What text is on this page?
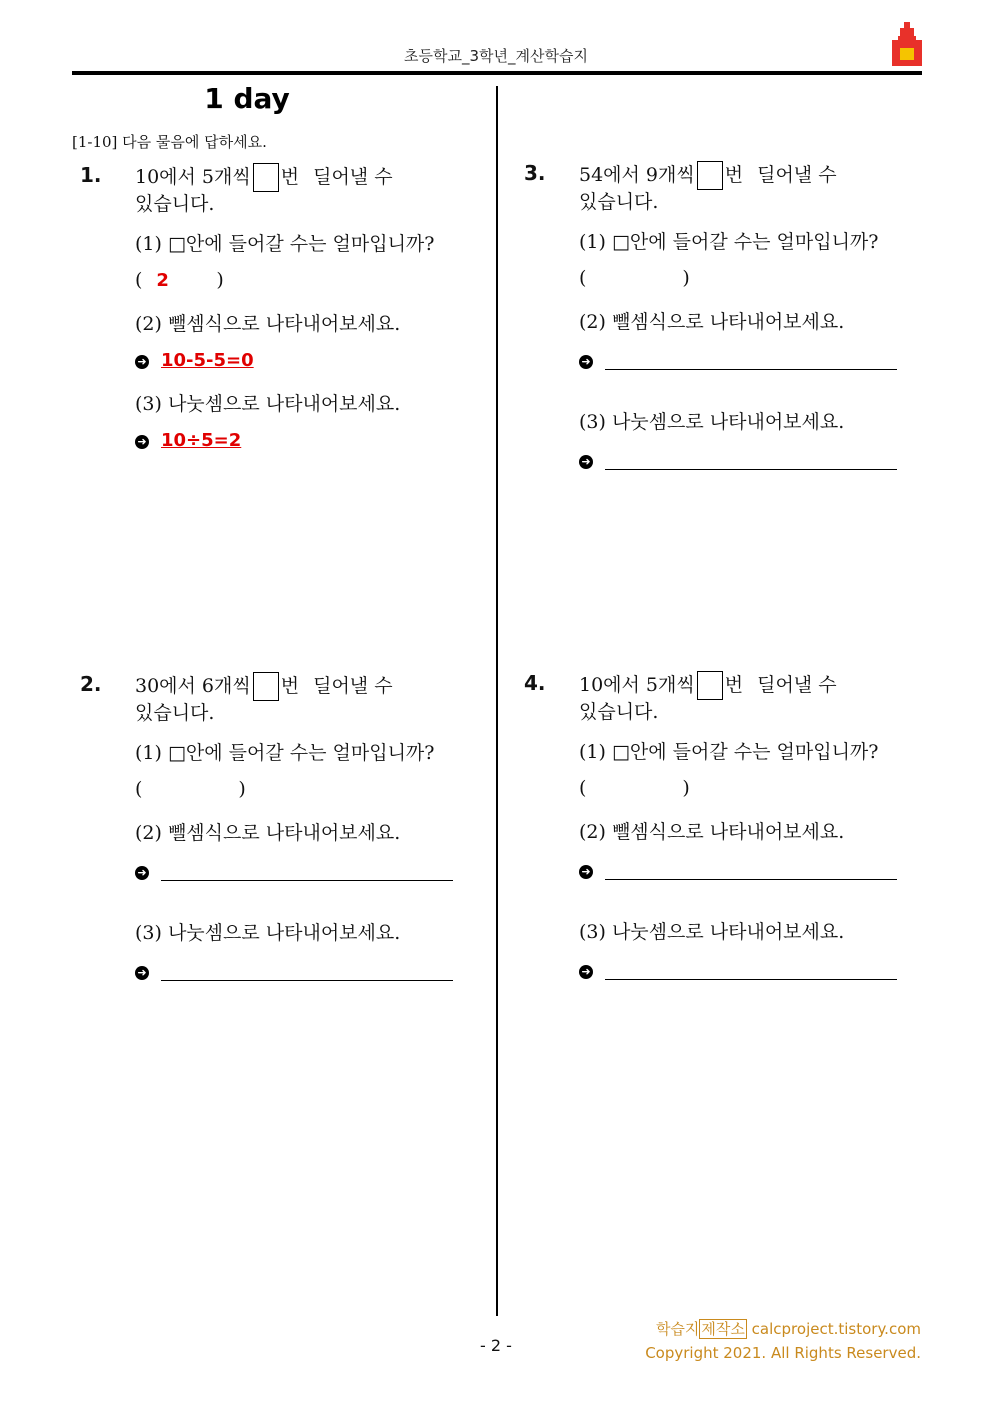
초등학교_3학년_계산학습지
1 day
[1-10] 다음 물음에 답하세요.
1. 10에서 5개씩 번 딜어낼 수
있습니다.
(1) □안에 들어갈 수는 얼마입니까?
( 2 )
(2) 뺄셈식으로 나타내어보세요.
➜ 10-5-5=0
(3) 나눗셈으로 나타내어보세요.
➜ 10÷5=2
3. 54에서 9개씩 번 딜어낼 수
있습니다.
(1) □안에 들어갈 수는 얼마입니까?
(	)
(2) 뺄셈식으로 나타내어보세요.
➜
(3) 나눗셈으로 나타내어보세요.
➜
2. 30에서 6개씩 번 딜어낼 수
있습니다.
(1) □안에 들어갈 수는 얼마입니까?
(	)
(2) 뺄셈식으로 나타내어보세요.
➜
(3) 나눗셈으로 나타내어보세요.
➜
4. 10에서 5개씩 번 딜어낼 수
있습니다.
(1) □안에 들어갈 수는 얼마입니까?
(	)
(2) 뺄셈식으로 나타내어보세요.
➜
(3) 나눗셈으로 나타내어보세요.
➜
- 2 -
학습지 제작소 calcproject.tistory.com
Copyright 2021. All Rights Reserved.
